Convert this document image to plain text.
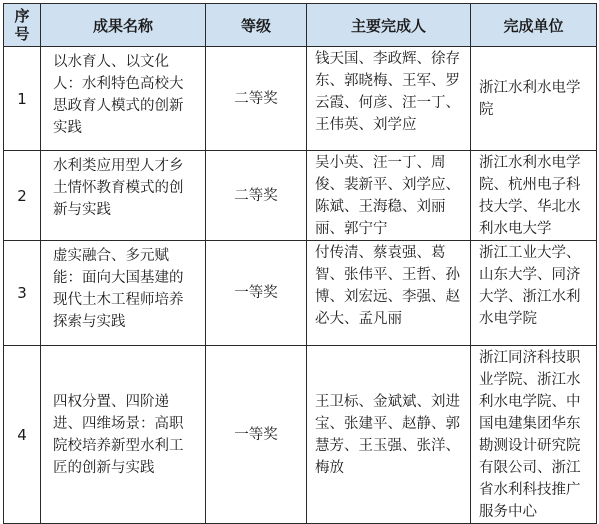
序号	成果名称	等级	主要完成人	完成单位
1	以水育人、以文化人：水利特色高校大思政育人模式的创新实践	二等奖	钱天国、李政辉、徐存东、郭晓梅、王军、罗云霞、何彦、汪一丁、王伟英、刘学应	浙江水利水电学院
2	水利类应用型人才乡土情怀教育模式的创新与实践	二等奖	吴小英、汪一丁、周俊、裴新平、刘学应、陈斌、王海稳、刘丽丽、郭宁宁	浙江水利水电学院、杭州电子科技大学、华北水利水电大学
3	虚实融合、多元赋能：面向大国基建的现代土木工程师培养探索与实践	一等奖	付传清、蔡袁强、葛智、张伟平、王哲、孙博、刘宏远、李强、赵必大、孟凡丽	浙江工业大学、山东大学、同济大学、浙江水利水电学院
4	四权分置、四阶递进、四维场景：高职院校培养新型水利工匠的创新与实践	一等奖	王卫标、金斌斌、刘进宝、张建平、赵静、郭慧芳、王玉强、张洋、梅放	浙江同济科技职业学院、浙江水利水电学院、中国电建集团华东勘测设计研究院有限公司、浙江省水利科技推广服务中心
